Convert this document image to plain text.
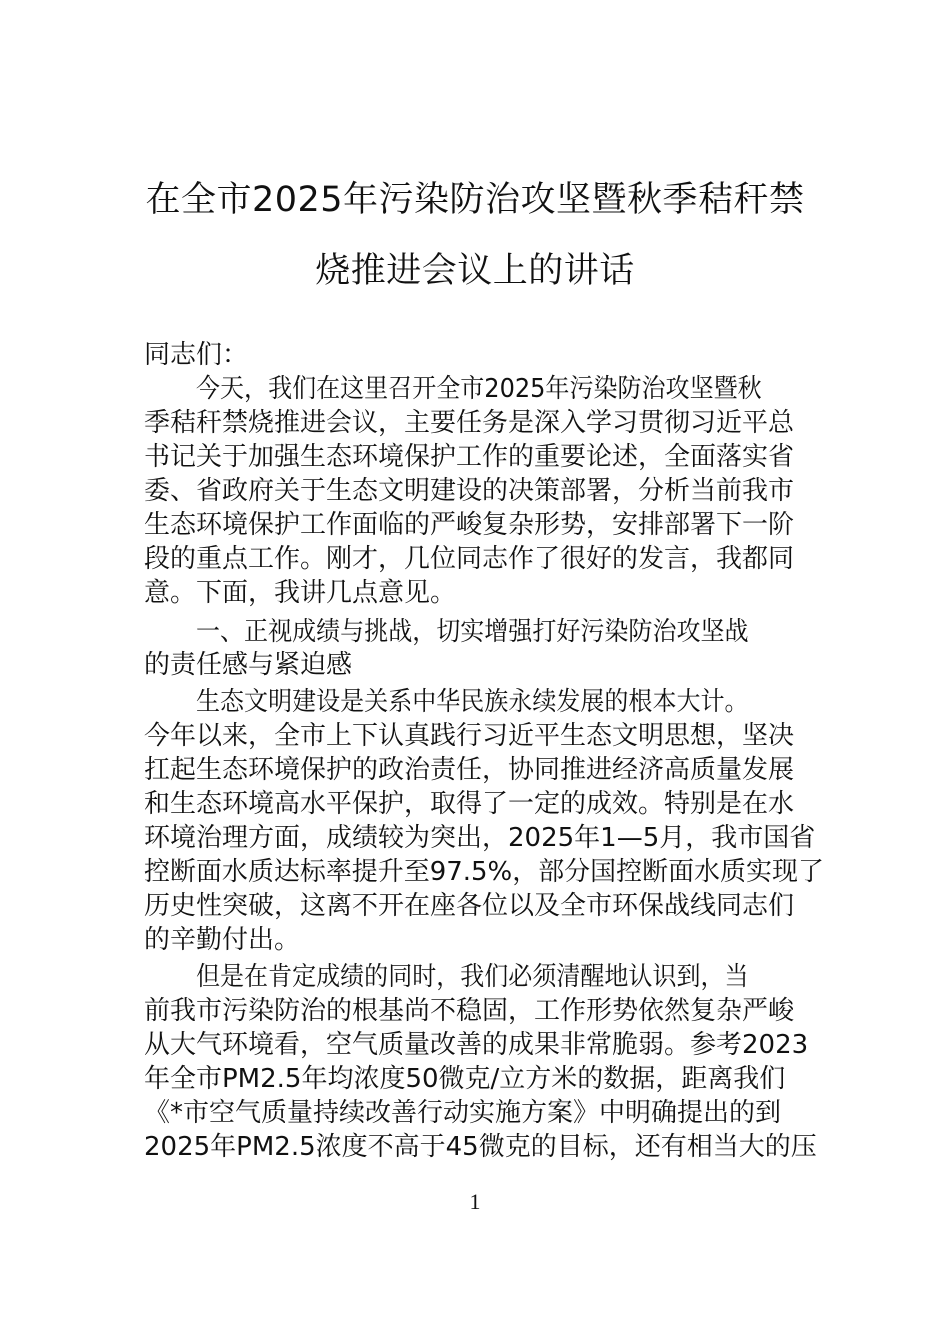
在全市2025年污染防治攻坚暨秋季秸秆禁
烧推进会议上的讲话
同志们：
今天，我们在这里召开全市2025年污染防治攻坚暨秋
季秸秆禁烧推进会议，主要任务是深入学习贯彻习近平总
书记关于加强生态环境保护工作的重要论述，全面落实省
委、省政府关于生态文明建设的决策部署，分析当前我市
生态环境保护工作面临的严峻复杂形势，安排部署下一阶
段的重点工作。刚才，几位同志作了很好的发言，我都同
意。下面，我讲几点意见。
一、正视成绩与挑战，切实增强打好污染防治攻坚战
的责任感与紧迫感
生态文明建设是关系中华民族永续发展的根本大计。
今年以来，全市上下认真践行习近平生态文明思想，坚决
扛起生态环境保护的政治责任，协同推进经济高质量发展
和生态环境高水平保护，取得了一定的成效。特别是在水
环境治理方面，成绩较为突出，2025年1—5月，我市国省
控断面水质达标率提升至97.5%，部分国控断面水质实现了
历史性突破，这离不开在座各位以及全市环保战线同志们
的辛勤付出。
但是在肯定成绩的同时，我们必须清醒地认识到，当
前我市污染防治的根基尚不稳固，工作形势依然复杂严峻
从大气环境看，空气质量改善的成果非常脆弱。参考2023
年全市PM2.5年均浓度50微克/立方米的数据，距离我们
《*市空气质量持续改善行动实施方案》中明确提出的到
2025年PM2.5浓度不高于45微克的目标，还有相当大的压
1
